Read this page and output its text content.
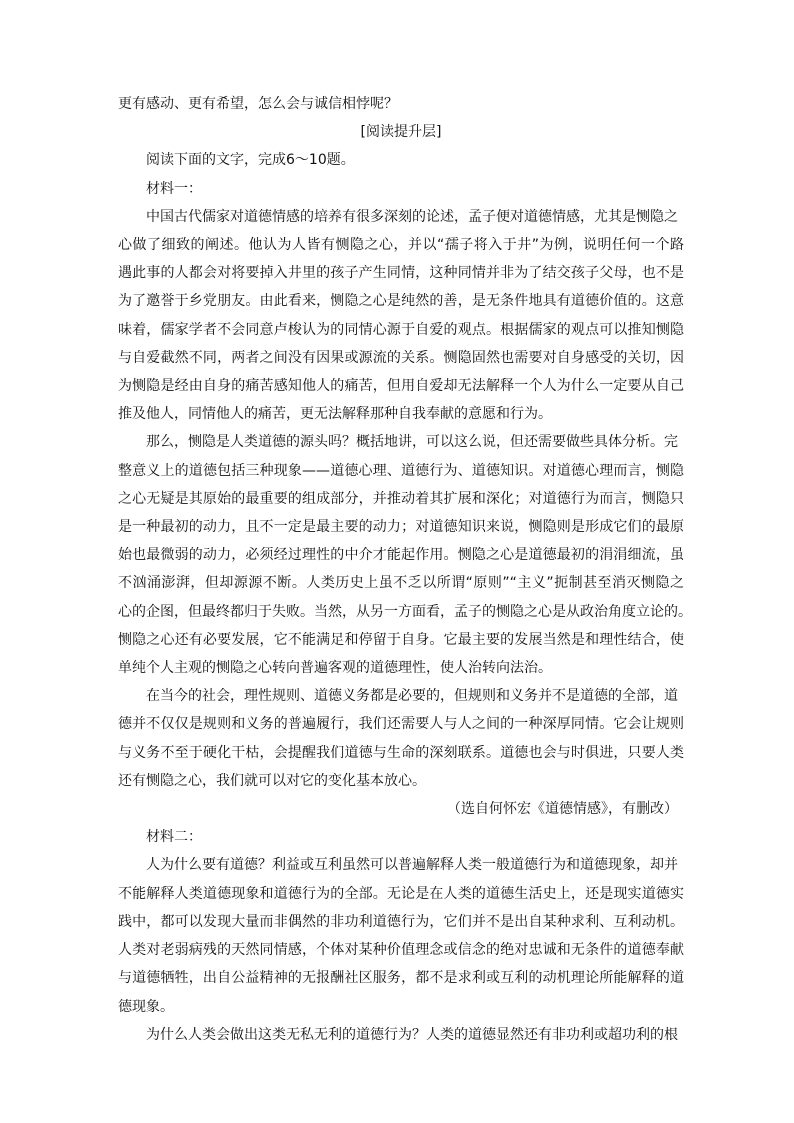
更有感动、更有希望，怎么会与诚信相悖呢？
[阅读提升层]
阅读下面的文字，完成6～10题。
材料一：
中国古代儒家对道德情感的培养有很多深刻的论述，孟子便对道德情感，尤其是恻隐之
心做了细致的阐述。他认为人皆有恻隐之心，并以“孺子将入于井”为例，说明任何一个路
遇此事的人都会对将要掉入井里的孩子产生同情，这种同情并非为了结交孩子父母，也不是
为了邀誉于乡党朋友。由此看来，恻隐之心是纯然的善，是无条件地具有道德价值的。这意
味着，儒家学者不会同意卢梭认为的同情心源于自爱的观点。根据儒家的观点可以推知恻隐
与自爱截然不同，两者之间没有因果或源流的关系。恻隐固然也需要对自身感受的关切，因
为恻隐是经由自身的痛苦感知他人的痛苦，但用自爱却无法解释一个人为什么一定要从自己
推及他人，同情他人的痛苦，更无法解释那种自我奉献的意愿和行为。
那么，恻隐是人类道德的源头吗？概括地讲，可以这么说，但还需要做些具体分析。完
整意义上的道德包括三种现象——道德心理、道德行为、道德知识。对道德心理而言，恻隐
之心无疑是其原始的最重要的组成部分，并推动着其扩展和深化；对道德行为而言，恻隐只
是一种最初的动力，且不一定是最主要的动力；对道德知识来说，恻隐则是形成它们的最原
始也最微弱的动力，必须经过理性的中介才能起作用。恻隐之心是道德最初的涓涓细流，虽
不汹涌澎湃，但却源源不断。人类历史上虽不乏以所谓“原则”“主义”扼制甚至消灭恻隐之
心的企图，但最终都归于失败。当然，从另一方面看，孟子的恻隐之心是从政治角度立论的。
恻隐之心还有必要发展，它不能满足和停留于自身。它最主要的发展当然是和理性结合，使
单纯个人主观的恻隐之心转向普遍客观的道德理性，使人治转向法治。
在当今的社会，理性规则、道德义务都是必要的，但规则和义务并不是道德的全部，道
德并不仅仅是规则和义务的普遍履行，我们还需要人与人之间的一种深厚同情。它会让规则
与义务不至于硬化干枯，会提醒我们道德与生命的深刻联系。道德也会与时俱进，只要人类
还有恻隐之心，我们就可以对它的变化基本放心。
（选自何怀宏《道德情感》，有删改）
材料二：
人为什么要有道德？利益或互利虽然可以普遍解释人类一般道德行为和道德现象，却并
不能解释人类道德现象和道德行为的全部。无论是在人类的道德生活史上，还是现实道德实
践中，都可以发现大量而非偶然的非功利道德行为，它们并不是出自某种求利、互利动机。
人类对老弱病残的天然同情感，个体对某种价值理念或信念的绝对忠诚和无条件的道德奉献
与道德牺牲，出自公益精神的无报酬社区服务，都不是求利或互利的动机理论所能解释的道
德现象。
为什么人类会做出这类无私无利的道德行为？人类的道德显然还有非功利或超功利的根
